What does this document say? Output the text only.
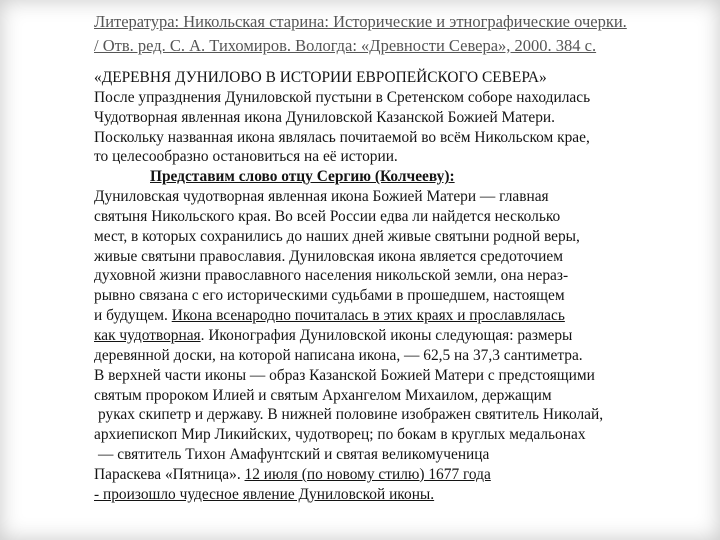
Литература: Никольская старина: Исторические и этнографические очерки.
/ Отв. ред. С. А. Тихомиров. Вологда: «Древности Севера», 2000. 384 с.
«ДЕРЕВНЯ ДУНИЛОВО В ИСТОРИИ ЕВРОПЕЙСКОГО СЕВЕРА»
После упразднения Дуниловской пустыни в Сретенском соборе находилась
Чудотворная явленная икона Дуниловской Казанской Божией Матери.
Поскольку названная икона являлась почитаемой во всём Никольском крае,
то целесообразно остановиться на её истории.
Представим слово отцу Сергию (Колчееву):
Дуниловская чудотворная явленная икона Божией Матери — главная
святыня Никольского края. Во всей России едва ли найдется несколько
мест, в которых сохранились до наших дней живые святыни родной веры,
живые святыни православия. Дуниловская икона является средоточием
духовной жизни православного населения никольской земли, она нераз-
рывно связана с его историческими судьбами в прошедшем, настоящем
и будущем. Икона всенародно почиталась в этих краях и прославлялась
как чудотворная. Иконография Дуниловской иконы следующая: размеры
деревянной доски, на которой написана икона, — 62,5 на 37,3 сантиметра.
В верхней части иконы — образ Казанской Божией Матери с предстоящими
святым пророком Илией и святым Архангелом Михаилом, держащим
руках скипетр и державу. В нижней половине изображен святитель Николай,
архиепископ Мир Ликийских, чудотворец; по бокам в круглых медальонах
— святитель Тихон Амафунтский и святая великомученица
Параскева «Пятница». 12 июля (по новому стилю) 1677 года
- произошло чудесное явление Дуниловской иконы.
